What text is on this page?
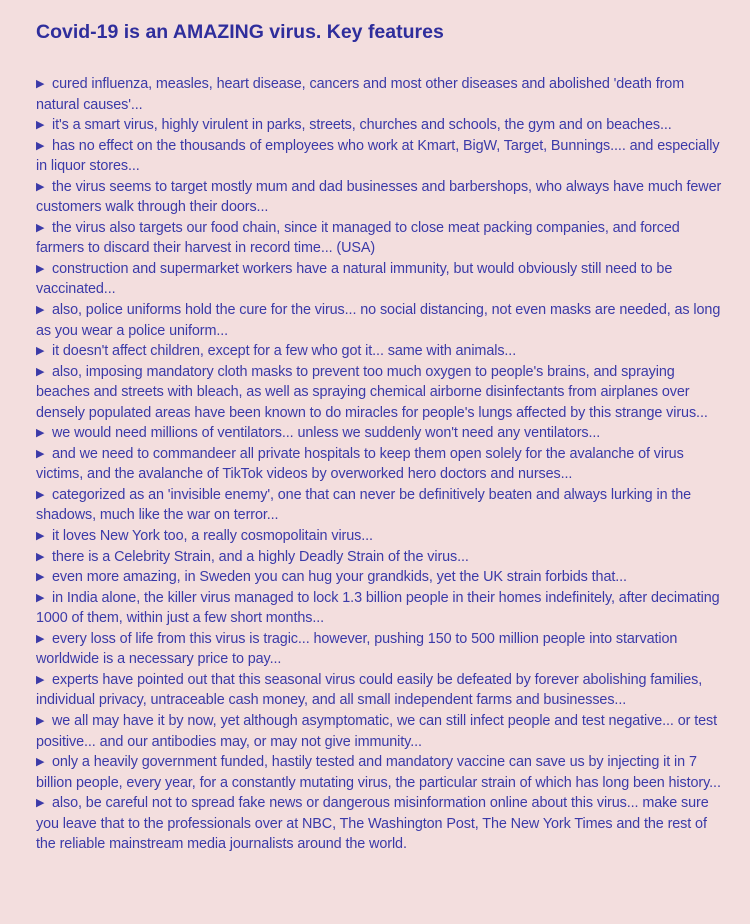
Covid-19 is an AMAZING virus. Key features
▶ cured influenza, measles, heart disease, cancers and most other diseases and abolished 'death from natural causes'...
▶ it's a smart virus, highly virulent in parks, streets, churches and schools, the gym and on beaches...
▶ has no effect on the thousands of employees who work at Kmart, BigW, Target, Bunnings.... and especially in liquor stores...
▶ the virus seems to target mostly mum and dad businesses and barbershops, who always have much fewer customers walk through their doors...
▶ the virus also targets our food chain, since it managed to close meat packing companies, and forced farmers to discard their harvest in record time... (USA)
▶ construction and supermarket workers have a natural immunity, but would obviously still need to be vaccinated...
▶ also, police uniforms hold the cure for the virus... no social distancing, not even masks are needed, as long as you wear a police uniform...
▶ it doesn't affect children, except for a few who got it... same with animals...
▶ also, imposing mandatory cloth masks to prevent too much oxygen to people's brains, and spraying beaches and streets with bleach, as well as spraying chemical airborne disinfectants from airplanes over densely populated areas have been known to do miracles for people's lungs affected by this strange virus...
▶ we would need millions of ventilators... unless we suddenly won't need any ventilators...
▶ and we need to commandeer all private hospitals to keep them open solely for the avalanche of virus victims, and the avalanche of TikTok videos by overworked hero doctors and nurses...
▶ categorized as an 'invisible enemy', one that can never be definitively beaten and always lurking in the shadows, much like the war on terror...
▶ it loves New York too, a really cosmopolitain virus...
▶ there is a Celebrity Strain, and a highly Deadly Strain of the virus...
▶ even more amazing, in Sweden you can hug your grandkids, yet the UK strain forbids that...
▶ in India alone, the killer virus managed to lock 1.3 billion people in their homes indefinitely, after decimating 1000 of them, within just a few short months...
▶ every loss of life from this virus is tragic... however, pushing 150 to 500 million people into starvation worldwide is a necessary price to pay...
▶ experts have pointed out that this seasonal virus could easily be defeated by forever abolishing families, individual privacy, untraceable cash money, and all small independent farms and businesses...
▶ we all may have it by now, yet although asymptomatic, we can still infect people and test negative... or test positive... and our antibodies may, or may not give immunity...
▶ only a heavily government funded, hastily tested and mandatory vaccine can save us by injecting it in 7 billion people, every year, for a constantly mutating virus, the particular strain of which has long been history...
▶ also, be careful not to spread fake news or dangerous misinformation online about this virus... make sure you leave that to the professionals over at NBC, The Washington Post, The New York Times and the rest of the reliable mainstream media journalists around the world.
